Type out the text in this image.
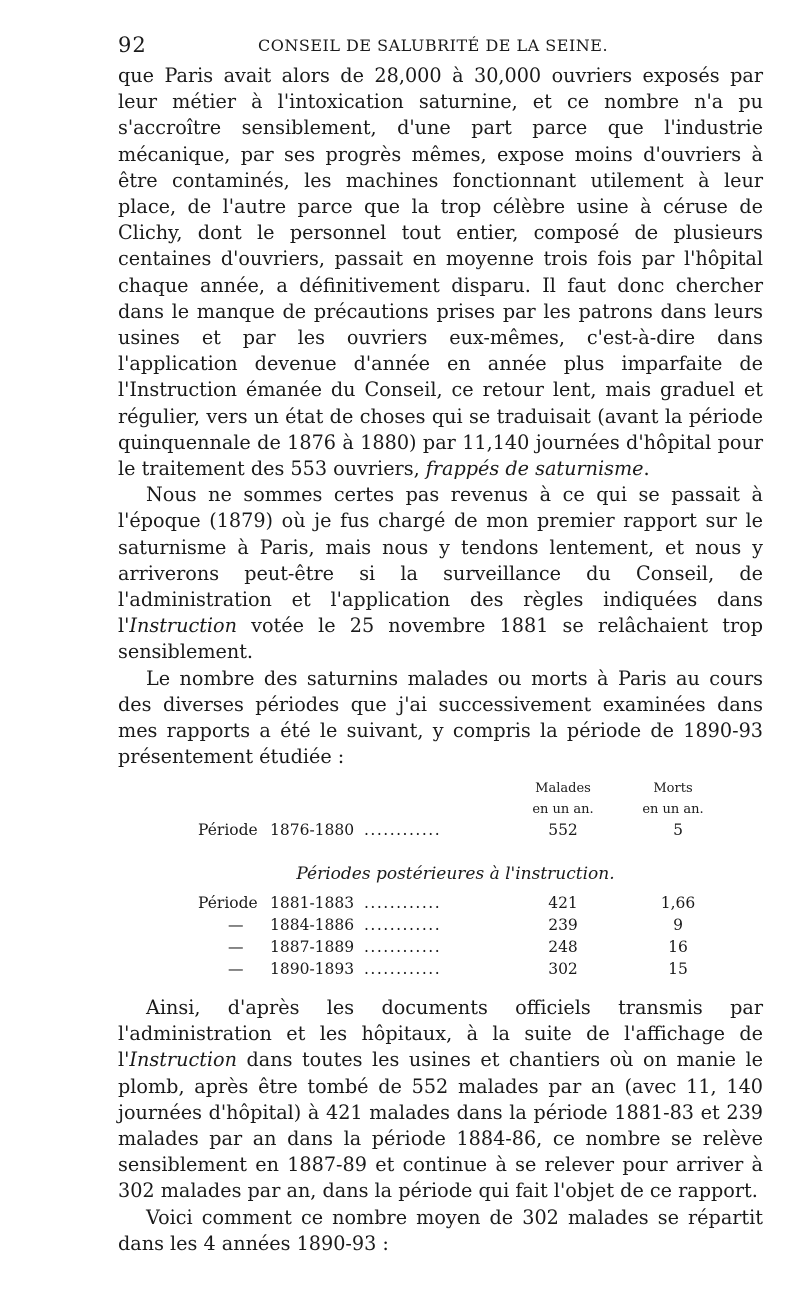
92	CONSEIL DE SALUBRITÉ DE LA SEINE.

que Paris avait alors de 28,000 à 30,000 ouvriers exposés par leur métier à l'intoxication saturnine, et ce nombre n'a pu s'accroître sensiblement, d'une part parce que l'industrie mécanique, par ses progrès mêmes, expose moins d'ouvriers à être contaminés, les machines fonctionnant utilement à leur place, de l'autre parce que la trop célèbre usine à céruse de Clichy, dont le personnel tout entier, composé de plusieurs centaines d'ouvriers, passait en moyenne trois fois par l'hôpital chaque année, a définitivement disparu. Il faut donc chercher dans le manque de précautions prises par les patrons dans leurs usines et par les ouvriers eux-mêmes, c'est-à-dire dans l'application devenue d'année en année plus imparfaite de l'Instruction émanée du Conseil, ce retour lent, mais graduel et régulier, vers un état de choses qui se traduisait (avant la période quinquennale de 1876 à 1880) par 11,140 journées d'hôpital pour le traitement des 553 ouvriers, frappés de saturnisme.

Nous ne sommes certes pas revenus à ce qui se passait à l'époque (1879) où je fus chargé de mon premier rapport sur le saturnisme à Paris, mais nous y tendons lentement, et nous y arriverons peut-être si la surveillance du Conseil, de l'administration et l'application des règles indiquées dans l'Instruction votée le 25 novembre 1881 se relâchaient trop sensiblement.

Le nombre des saturnins malades ou morts à Paris au cours des diverses périodes que j'ai successivement examinées dans mes rapports a été le suivant, y compris la période de 1890-93 présentement étudiée :

Malades	Morts
en un an.	en un an.
Période 1876-1880 ............	552	5
Périodes postérieures à l'instruction.
Période 1881-1883 ............	421	1,66
— 1884-1886 ............	239	9
— 1887-1889 ............	248	16
— 1890-1893 ............	302	15

Ainsi, d'après les documents officiels transmis par l'administration et les hôpitaux, à la suite de l'affichage de l'Instruction dans toutes les usines et chantiers où on manie le plomb, après être tombé de 552 malades par an (avec 11, 140 journées d'hôpital) à 421 malades dans la période 1881-83 et 239 malades par an dans la période 1884-86, ce nombre se relève sensiblement en 1887-89 et continue à se relever pour arriver à 302 malades par an, dans la période qui fait l'objet de ce rapport.

Voici comment ce nombre moyen de 302 malades se répartit dans les 4 années 1890-93 :
